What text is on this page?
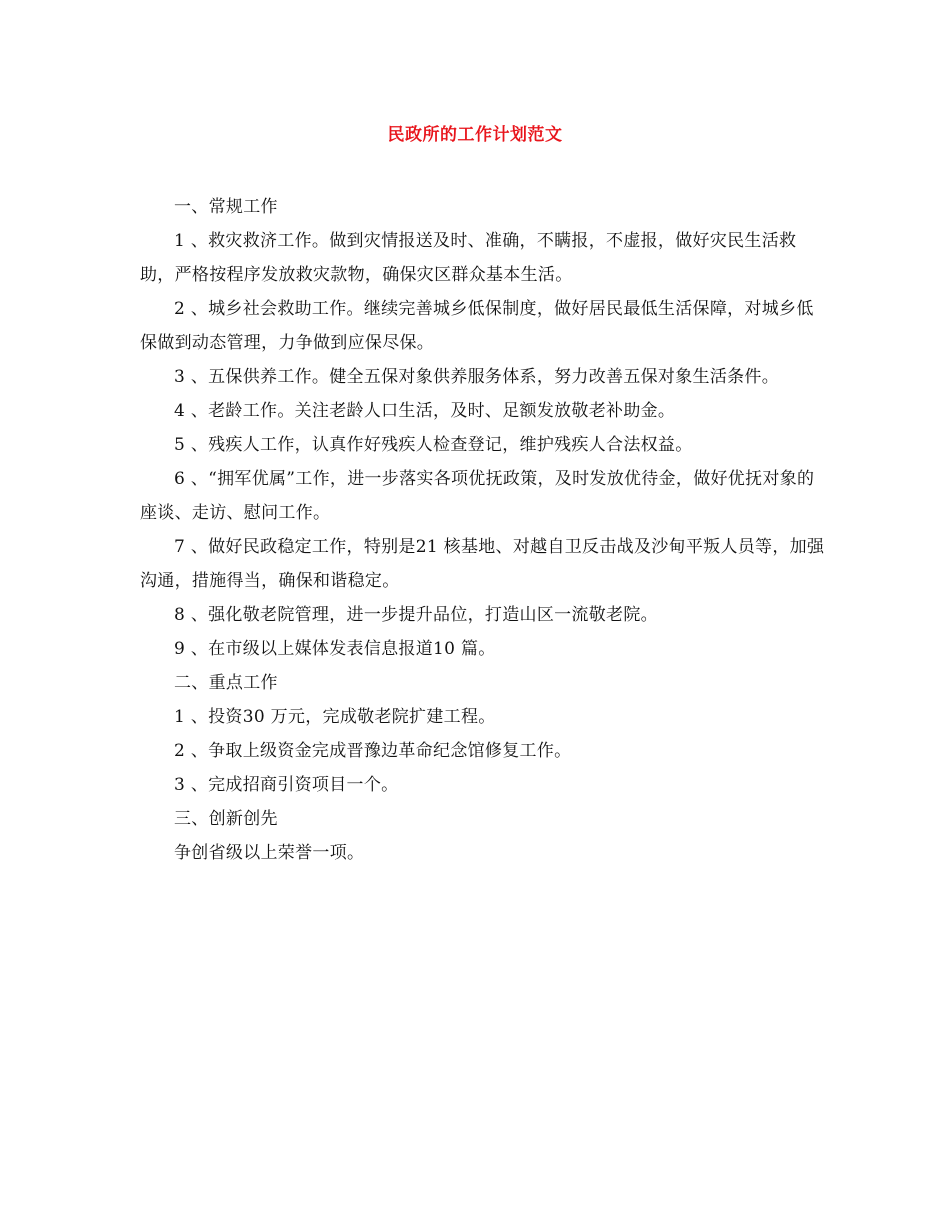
民政所的工作计划范文

一、常规工作

1 、救灾救济工作。做到灾情报送及时、准确，不瞒报，不虚报，做好灾民生活救助，严格按程序发放救灾款物，确保灾区群众基本生活。

2 、城乡社会救助工作。继续完善城乡低保制度，做好居民最低生活保障，对城乡低保做到动态管理，力争做到应保尽保。

3 、五保供养工作。健全五保对象供养服务体系，努力改善五保对象生活条件。

4 、老龄工作。关注老龄人口生活，及时、足额发放敬老补助金。

5 、残疾人工作，认真作好残疾人检查登记，维护残疾人合法权益。

6 、“拥军优属”工作，进一步落实各项优抚政策，及时发放优待金，做好优抚对象的座谈、走访、慰问工作。

7 、做好民政稳定工作，特别是21 核基地、对越自卫反击战及沙甸平叛人员等，加强沟通，措施得当，确保和谐稳定。

8 、强化敬老院管理，进一步提升品位，打造山区一流敬老院。

9 、在市级以上媒体发表信息报道10 篇。

二、重点工作

1 、投资30 万元，完成敬老院扩建工程。

2 、争取上级资金完成晋豫边革命纪念馆修复工作。

3 、完成招商引资项目一个。

三、创新创先

争创省级以上荣誉一项。
